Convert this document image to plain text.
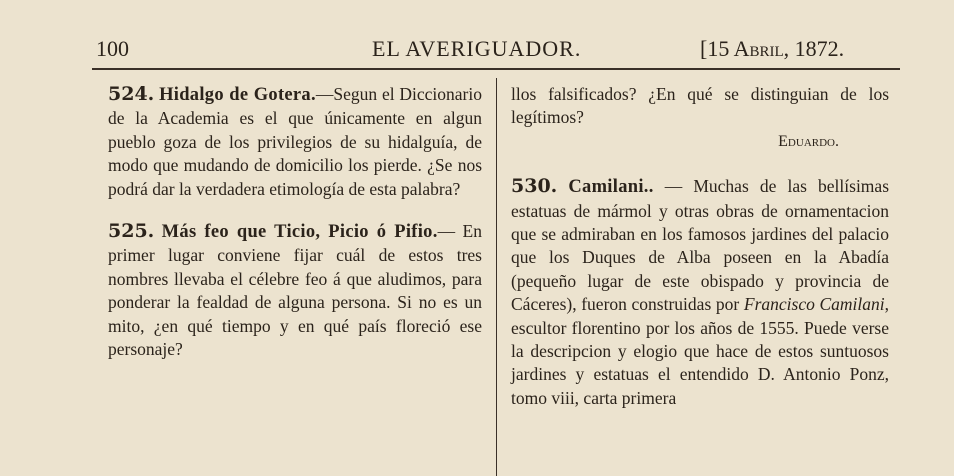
100	EL AVERIGUADOR.	[15 Abril, 1872.

524. Hidalgo de Gotera.—Segun el Diccionario de la Academia es el que únicamente en algun pueblo goza de los privilegios de su hidalguía, de modo que mudando de domicilio los pierde. ¿Se nos podrá dar la verdadera etimología de esta palabra?

525. Más feo que Ticio, Picio ó Pifio.— En primer lugar conviene fijar cuál de estos tres nombres llevaba el célebre feo á que aludimos, para ponderar la fealdad de alguna persona. Si no es un mito, ¿en qué tiempo y en qué país floreció ese personaje?

llos falsificados? ¿En qué se distinguian de los legítimos?

Eduardo.

530. Camilani.. — Muchas de las bellísimas estatuas de mármol y otras obras de ornamentacion que se admiraban en los famosos jardines del palacio que los Duques de Alba poseen en la Abadía (pequeño lugar de este obispado y provincia de Cáceres), fueron construidas por Francisco Camilani, escultor florentino por los años de 1555. Puede verse la descripcion y elogio que hace de estos suntuosos jardines y estatuas el entendido D. Antonio Ponz, tomo viii, carta primera
